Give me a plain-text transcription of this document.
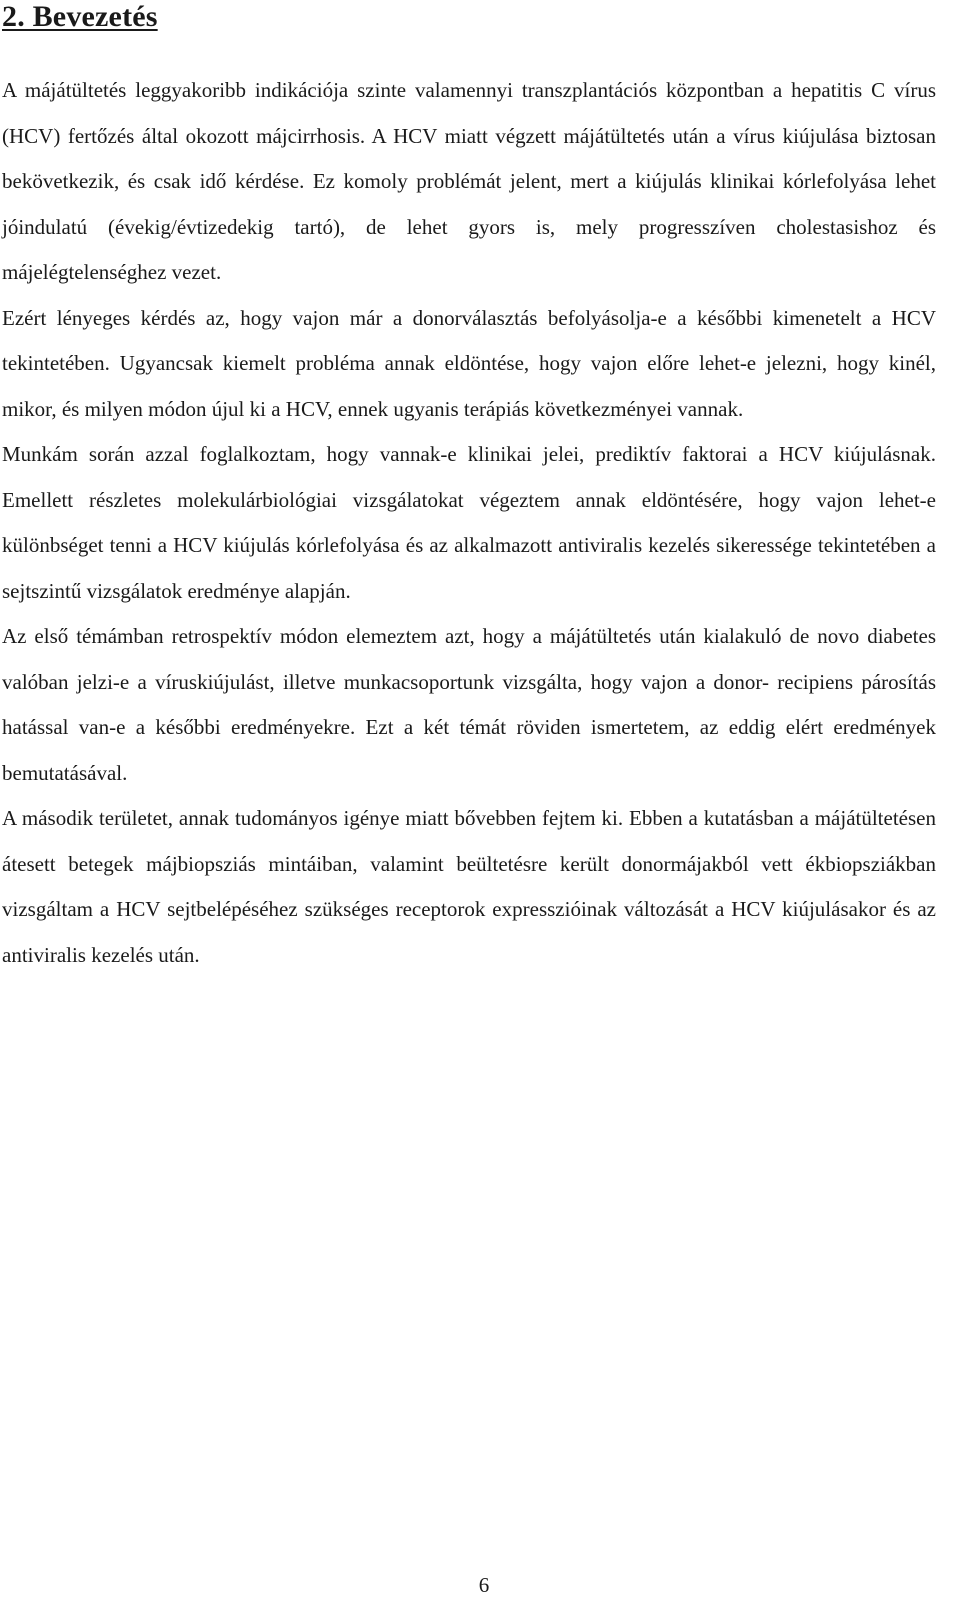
2. Bevezetés

A májátültetés leggyakoribb indikációja szinte valamennyi transzplantációs központban a hepatitis C vírus (HCV) fertőzés által okozott májcirrhosis. A HCV miatt végzett májátültetés után a vírus kiújulása biztosan bekövetkezik, és csak idő kérdése. Ez komoly problémát jelent, mert a kiújulás klinikai kórlefolyása lehet jóindulatú (évekig/évtizedekig tartó), de lehet gyors is, mely progresszíven cholestasishoz és májelégtelenséghez vezet.

Ezért lényeges kérdés az, hogy vajon már a donorválasztás befolyásolja-e a későbbi kimenetelt a HCV tekintetében. Ugyancsak kiemelt probléma annak eldöntése, hogy vajon előre lehet-e jelezni, hogy kinél, mikor, és milyen módon újul ki a HCV, ennek ugyanis terápiás következményei vannak.

Munkám során azzal foglalkoztam, hogy vannak-e klinikai jelei, prediktív faktorai a HCV kiújulásnak. Emellett részletes molekulárbiológiai vizsgálatokat végeztem annak eldöntésére, hogy vajon lehet-e különbséget tenni a HCV kiújulás kórlefolyása és az alkalmazott antiviralis kezelés sikeressége tekintetében a sejtszintű vizsgálatok eredménye alapján.

Az első témámban retrospektív módon elemeztem azt, hogy a májátültetés után kialakuló de novo diabetes valóban jelzi-e a víruskiújulást, illetve munkacsoportunk vizsgálta, hogy vajon a donor- recipiens párosítás hatással van-e a későbbi eredményekre. Ezt a két témát röviden ismertetem, az eddig elért eredmények bemutatásával.

A második területet, annak tudományos igénye miatt bővebben fejtem ki. Ebben a kutatásban a májátültetésen átesett betegek májbiopsziás mintáiban, valamint beültetésre került donormájakból vett ékbiopsziákban vizsgáltam a HCV sejtbelépéséhez szükséges receptorok expresszióinak változását a HCV kiújulásakor és az antiviralis kezelés után.

6
